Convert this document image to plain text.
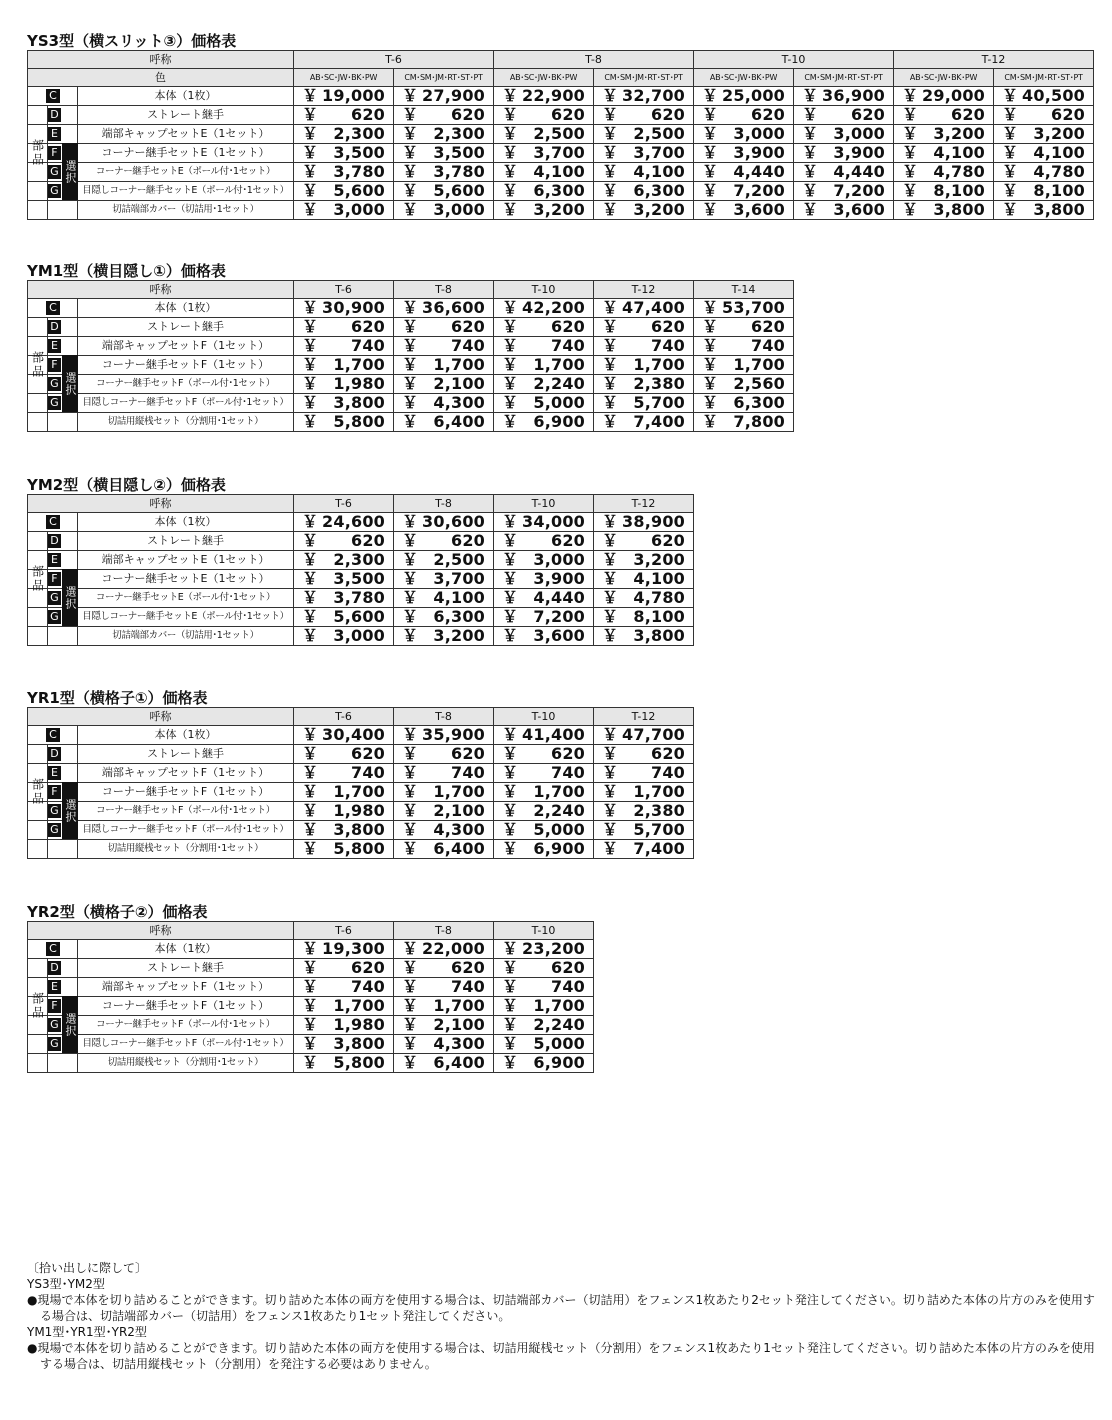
YS3型（横スリット③）価格表
呼称		T-6		T-8		T-10		T-12	
色		AB･SC･JW･BK･PW	CM･SM･JM･RT･ST･PT	AB･SC･JW･BK･PW	CM･SM･JM･RT･ST･PT	AB･SC･JW･BK･PW	CM･SM･JM･RT･ST･PT	AB･SC･JW･BK･PW	CM･SM･JM･RT･ST･PT

C	本体（1枚）	￥ 19,000	￥ 27,900	￥ 22,900	￥ 32,700	￥ 25,000	￥ 36,900	￥ 29,000	￥ 40,500

D	ストレート継手	￥ 620	￥ 620	￥ 620	￥ 620	￥ 620	￥ 620	￥ 620	￥ 620

E	端部キャップセットE（1セット）	￥ 2,300	￥ 2,300	￥ 2,500	￥ 2,500	￥ 3,000	￥ 3,000	￥ 3,200	￥ 3,200

F	コーナー継手セットE（1セット）	￥ 3,500	￥ 3,500	￥ 3,700	￥ 3,700	￥ 3,900	￥ 3,900	￥ 4,100	￥ 4,100

G	コーナー継手セットE（ポール付･1セット）	￥ 3,780	￥ 3,780	￥ 4,100	￥ 4,100	￥ 4,440	￥ 4,440	￥ 4,780	￥ 4,780

G	目隠しコーナー継手セットE（ポール付･1セット）	￥ 5,600	￥ 5,600	￥ 6,300	￥ 6,300	￥ 7,200	￥ 7,200	￥ 8,100	￥ 8,100

	切詰端部カバー（切詰用･1セット）	￥ 3,000	￥ 3,000	￥ 3,200	￥ 3,200	￥ 3,600	￥ 3,600	￥ 3,800	￥ 3,800
部品
選択
YM1型（横目隠し①）価格表
呼称		T-6	T-8	T-10	T-12	T-14

C	本体（1枚）	￥ 30,900	￥ 36,600	￥ 42,200	￥ 47,400	￥ 53,700

D	ストレート継手	￥ 620	￥ 620	￥ 620	￥ 620	￥ 620

E	端部キャップセットF（1セット）	￥ 740	￥ 740	￥ 740	￥ 740	￥ 740

F	コーナー継手セットF（1セット）	￥ 1,700	￥ 1,700	￥ 1,700	￥ 1,700	￥ 1,700

G	コーナー継手セットF（ポール付･1セット）	￥ 1,980	￥ 2,100	￥ 2,240	￥ 2,380	￥ 2,560

G	目隠しコーナー継手セットF（ポール付･1セット）	￥ 3,800	￥ 4,300	￥ 5,000	￥ 5,700	￥ 6,300

	切詰用縦桟セット（分割用･1セット）	￥ 5,800	￥ 6,400	￥ 6,900	￥ 7,400	￥ 7,800
部品
選択
YM2型（横目隠し②）価格表
呼称		T-6	T-8	T-10	T-12

C	本体（1枚）	￥ 24,600	￥ 30,600	￥ 34,000	￥ 38,900

D	ストレート継手	￥ 620	￥ 620	￥ 620	￥ 620

E	端部キャップセットE（1セット）	￥ 2,300	￥ 2,500	￥ 3,000	￥ 3,200

F	コーナー継手セットE（1セット）	￥ 3,500	￥ 3,700	￥ 3,900	￥ 4,100

G	コーナー継手セットE（ポール付･1セット）	￥ 3,780	￥ 4,100	￥ 4,440	￥ 4,780

G	目隠しコーナー継手セットE（ポール付･1セット）	￥ 5,600	￥ 6,300	￥ 7,200	￥ 8,100

	切詰端部カバー（切詰用･1セット）	￥ 3,000	￥ 3,200	￥ 3,600	￥ 3,800
部品
選択
YR1型（横格子①）価格表
呼称		T-6	T-8	T-10	T-12

C	本体（1枚）	￥ 30,400	￥ 35,900	￥ 41,400	￥ 47,700

D	ストレート継手	￥ 620	￥ 620	￥ 620	￥ 620

E	端部キャップセットF（1セット）	￥ 740	￥ 740	￥ 740	￥ 740

F	コーナー継手セットF（1セット）	￥ 1,700	￥ 1,700	￥ 1,700	￥ 1,700

G	コーナー継手セットF（ポール付･1セット）	￥ 1,980	￥ 2,100	￥ 2,240	￥ 2,380

G	目隠しコーナー継手セットF（ポール付･1セット）	￥ 3,800	￥ 4,300	￥ 5,000	￥ 5,700

	切詰用縦桟セット（分割用･1セット）	￥ 5,800	￥ 6,400	￥ 6,900	￥ 7,400
部品
選択
YR2型（横格子②）価格表
呼称		T-6	T-8	T-10

C	本体（1枚）	￥ 19,300	￥ 22,000	￥ 23,200

D	ストレート継手	￥ 620	￥ 620	￥ 620

E	端部キャップセットF（1セット）	￥ 740	￥ 740	￥ 740

F	コーナー継手セットF（1セット）	￥ 1,700	￥ 1,700	￥ 1,700

G	コーナー継手セットF（ポール付･1セット）	￥ 1,980	￥ 2,100	￥ 2,240

G	目隠しコーナー継手セットF（ポール付･1セット）	￥ 3,800	￥ 4,300	￥ 5,000

	切詰用縦桟セット（分割用･1セット）	￥ 5,800	￥ 6,400	￥ 6,900
部品
選択

〔拾い出しに際して〕

YS3型･YM2型

●現場で本体を切り詰めることができます。切り詰めた本体の両方を使用する場合は、切詰端部カバー（切詰用）をフェンス1枚あたり2セット発注してください。切り詰めた本体の片方のみを使用する場合は、切詰端部カバー（切詰用）をフェンス1枚あたり1セット発注してください。

YM1型･YR1型･YR2型

●現場で本体を切り詰めることができます。切り詰めた本体の両方を使用する場合は、切詰用縦桟セット（分割用）をフェンス1枚あたり1セット発注してください。切り詰めた本体の片方のみを使用する場合は、切詰用縦桟セット（分割用）を発注する必要はありません。
